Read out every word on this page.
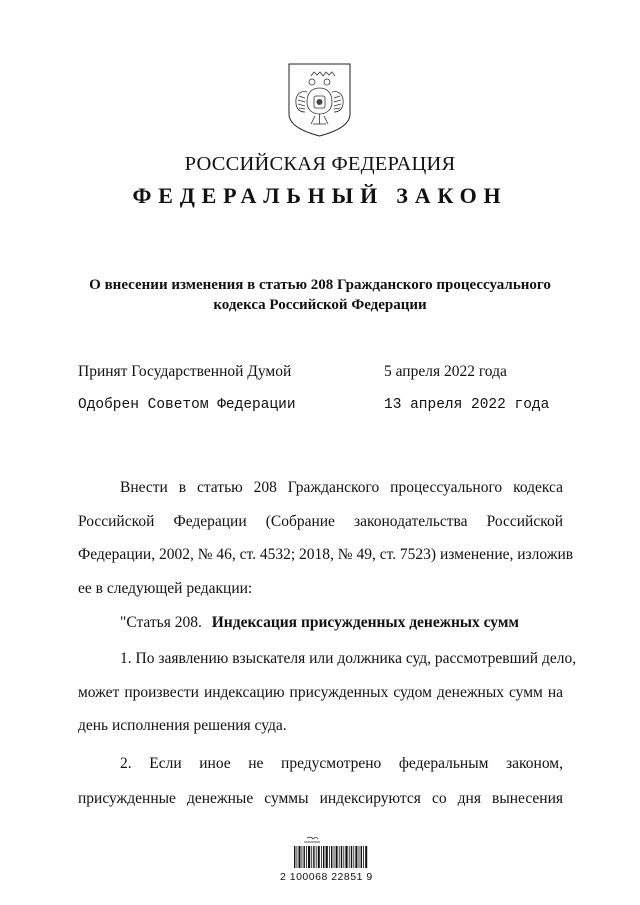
РОССИЙСКАЯ ФЕДЕРАЦИЯ
ФЕДЕРАЛЬНЫЙ ЗАКОН
О внесении изменения в статью 208 Гражданского процессуального
кодекса Российской Федерации
Принят Государственной Думой	5 апреля 2022 года
Одобрен Советом Федерации	13 апреля 2022 года
Внести в статью 208 Гражданского процессуального кодекса
Российской Федерации (Собрание законодательства Российской
Федерации, 2002, № 46, ст. 4532; 2018, № 49, ст. 7523) изменение, изложив
ее в следующей редакции:
"Статья 208. Индексация присужденных денежных сумм
1. По заявлению взыскателя или должника суд, рассмотревший дело,
может произвести индексацию присужденных судом денежных сумм на
день исполнения решения суда.
2. Если иное не предусмотрено федеральным законом,
присужденные денежные суммы индексируются со дня вынесения
2 100068 22851 9
